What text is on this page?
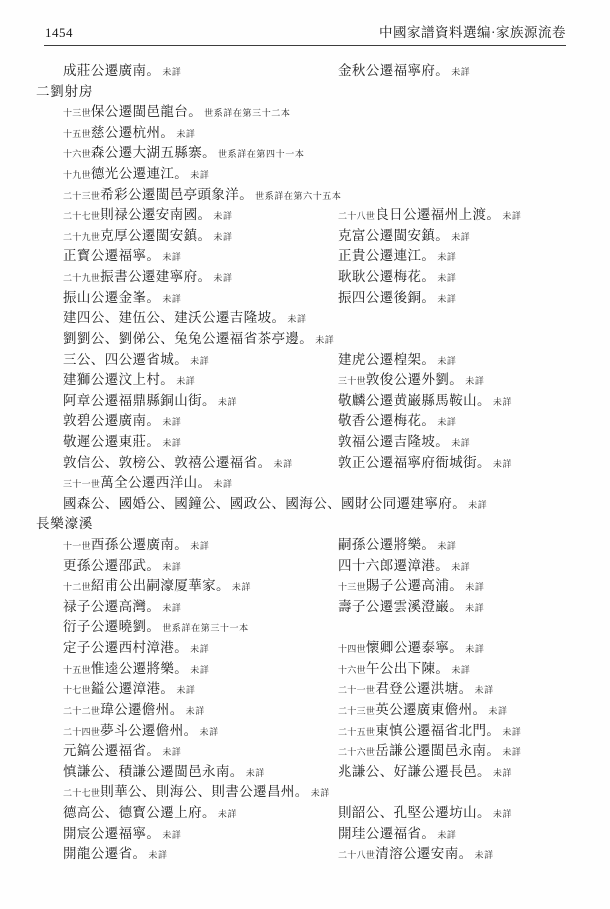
1454	中國家譜資料選编·家族源流卷
成莊公遷廣南。 未詳	金秋公遷福寧府。 未詳
二劉射房
十三世保公遷閩邑龍台。 世系詳在第三十二本
十五世慈公遷杭州。 未詳
十六世森公遷大湖五縣寨。 世系詳在第四十一本
十九世德光公遷連江。 未詳
二十三世希彩公遷閩邑亭頭象洋。 世系詳在第六十五本
二十七世則禄公遷安南國。 未詳	二十八世良日公遷福州上渡。 未詳
二十九世克厚公遷閩安鎮。 未詳	克富公遷閩安鎮。 未詳
正寳公遷福寧。 未詳	正貴公遷連江。 未詳
二十九世振書公遷建寧府。 未詳	耿耿公遷梅花。 未詳
振山公遷金峯。 未詳	振四公遷後銅。 未詳
建四公、建伍公、建沃公遷吉隆坡。 未詳
劉劉公、劉俤公、兔兔公遷福省茶亭邊。 未詳
三公、四公遷省城。 未詳	建虎公遷楻架。 未詳
建獅公遷汶上村。 未詳	三十世敦俊公遷外劉。 未詳
阿章公遷福鼎縣銅山街。 未詳	敬麟公遷黄巌縣馬鞍山。 未詳
敦碧公遷廣南。 未詳	敬香公遷梅花。 未詳
敬遲公遷東莊。 未詳	敦福公遷吉隆坡。 未詳
敦信公、敦榜公、敦禧公遷福省。 未詳	敦正公遷福寧府衙城街。 未詳
三十一世萬全公遷西洋山。 未詳
國森公、國婚公、國鐘公、國政公、國海公、國財公同遷建寧府。 未詳
長樂濠溪
十一世酉孫公遷廣南。 未詳	嗣孫公遷將樂。 未詳
更孫公遷邵武。 未詳	四十六郎遷漳港。 未詳
十二世紹甫公出嗣濠厦華家。 未詳	十三世賜子公遷高浦。 未詳
禄子公遷高灣。 未詳	壽子公遷雲溪澄巌。 未詳
衍子公遷曉劉。 世系詳在第三十一本
定子公遷西村漳港。 未詳	十四世懷卿公遷泰寧。 未詳
十五世惟逵公遷將樂。 未詳	十六世午公出下陳。 未詳
十七世鎰公遷漳港。 未詳	二十一世君登公遷洪塘。 未詳
二十二世瑋公遷儋州。 未詳	二十三世英公遷廣東儋州。 未詳
二十四世夢斗公遷儋州。 未詳	二十五世東慎公遷福省北門。 未詳
元鎬公遷福省。 未詳	二十六世岳謙公遷閩邑永南。 未詳
慎謙公、積謙公遷閩邑永南。 未詳	兆謙公、好謙公遷長邑。 未詳
二十七世則華公、則海公、則書公遷昌州。 未詳
德高公、德寳公遷上府。 未詳	則韶公、孔堅公遷坊山。 未詳
開宸公遷福寧。 未詳	開珪公遷福省。 未詳
開龍公遷省。 未詳	二十八世清溶公遷安南。 未詳
